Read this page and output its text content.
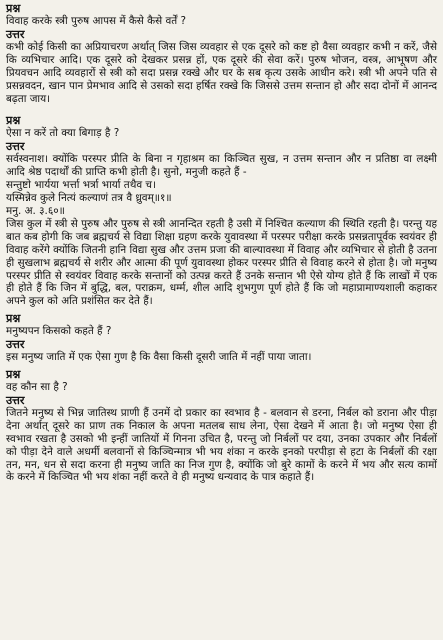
प्रश्न
विवाह करके स्त्री पुरुष आपस में कैसे कैसे वर्तें ?
उत्तर
कभी कोई किसी का अप्रियाचरण अर्थात् जिस जिस व्यवहार से एक दूसरे को कष्ट हो वैसा व्यवहार कभी न करें, जैसे कि व्यभिचार आदि। एक दूसरे को देखकर प्रसन्न हों, एक दूसरे की सेवा करें। पुरुष भोजन, वस्त्र, आभूषण और प्रियवचन आदि व्यवहारों से स्त्री को सदा प्रसन्न रक्खे और घर के सब कृत्य उसके आधीन करे। स्त्री भी अपने पति से प्रसन्नवदन, खान पान प्रेमभाव आदि से उसको सदा हर्षित रक्खे कि जिससे उत्तम सन्तान हो और सदा दोनों में आनन्द बढ़ता जाय।
प्रश्न
ऐसा न करें तो क्या बिगाड़ है ?
उत्तर
सर्वस्वनाश। क्योंकि परस्पर प्रीति के बिना न गृहाश्रम का किञ्चित सुख, न उत्तम सन्तान और न प्रतिष्ठा वा लक्ष्मी आदि श्रेष्ठ पदार्थों की प्राप्ति कभी होती है। सुनो, मनुजी कहते हैं -
सन्तुष्टो भार्यया भर्त्ता भर्त्रा भार्या तथैव च।
यस्मिन्नेव कुले नित्यं कल्याणं तत्र वै ध्रुवम्॥१॥
मनु. अ. ३.६०॥
जिस कुल में स्त्री से पुरुष और पुरुष से स्त्री आनन्दित रहती है उसी में निश्चित कल्याण की स्थिति रहती है। परन्तु यह बात कब होगी कि जब ब्रह्मचर्य से विद्या शिक्षा ग्रहण करके युवावस्था में परस्पर परीक्षा करके प्रसन्नतापूर्वक स्वयंवर ही विवाह करेंगे क्योंकि जितनी हानि विद्या सुख और उत्तम प्रजा की बाल्यावस्था में विवाह और व्यभिचार से होती है उतना ही सुखलाभ ब्रह्मचर्य से शरीर और आत्मा की पूर्ण युवावस्था होकर परस्पर प्रीति से विवाह करने से होता है। जो मनुष्य परस्पर प्रीति से स्वयंवर विवाह करके सन्तानों को उत्पन्न करते हैं उनके सन्तान भी ऐसे योग्य होते हैं कि लाखों में एक ही होते हैं कि जिन में बुद्धि, बल, पराक्रम, धर्म्म, शील आदि शुभगुण पूर्ण होते हैं कि जो महाप्रामाण्यशाली कहाकर अपने कुल को अति प्रशंसित कर देते हैं।
प्रश्न
मनुष्यपन किसको कहते हैं ?
उत्तर
इस मनुष्य जाति में एक ऐसा गुण है कि वैसा किसी दूसरी जाति में नहीं पाया जाता।
प्रश्न
वह कौन सा है ?
उत्तर
जितने मनुष्य से भिन्न जातिस्थ प्राणी हैं उनमें दो प्रकार का स्वभाव है - बलवान से डरना, निर्बल को डराना और पीड़ा देना अर्थात् दूसरे का प्राण तक निकाल के अपना मतलब साध लेना, ऐसा देखने में आता है। जो मनुष्य ऐसा ही स्वभाव रखता है उसको भी इन्हीं जातियों में गिनना उचित है, परन्तु जो निर्बलों पर दया, उनका उपकार और निर्बलों को पीड़ा देने वाले अधर्मी बलवानों से किञ्चिन्मात्र भी भय शंका न करके इनको परपीड़ा से हटा के निर्बलों की रक्षा तन, मन, धन से सदा करना ही मनुष्य जाति का निज गुण है, क्योंकि जो बुरे कामों के करने में भय और सत्य कामों के करने में किञ्चित भी भय शंका नहीं करते वे ही मनुष्य धन्यवाद के पात्र कहाते हैं।
